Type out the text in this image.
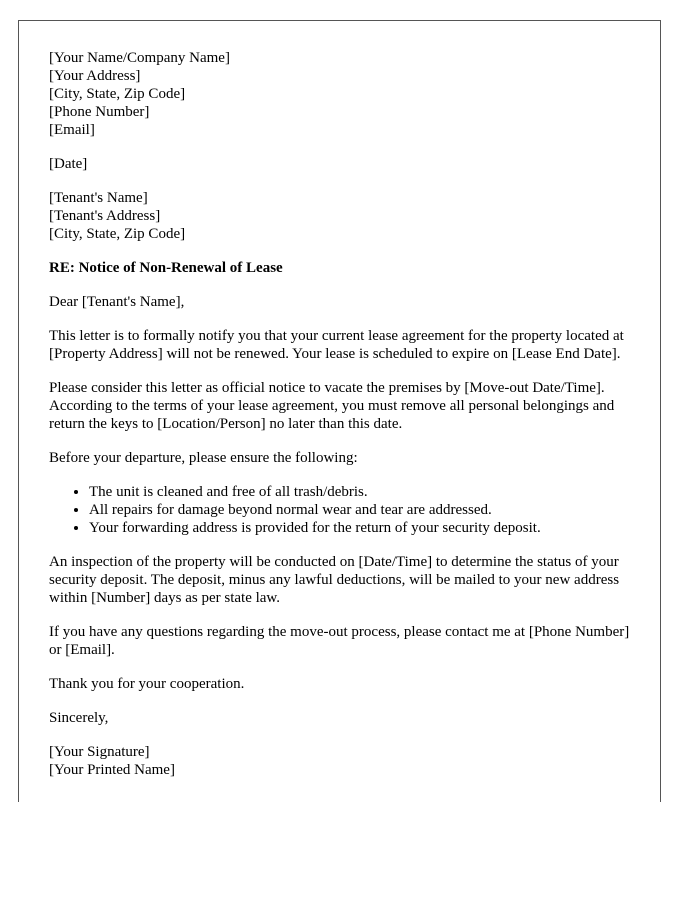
[Your Name/Company Name]
[Your Address]
[City, State, Zip Code]
[Phone Number]
[Email]
[Date]
[Tenant's Name]
[Tenant's Address]
[City, State, Zip Code]

RE: Notice of Non-Renewal of Lease

Dear [Tenant's Name],

This letter is to formally notify you that your current lease agreement for the property located at [Property Address] will not be renewed. Your lease is scheduled to expire on [Lease End Date].

Please consider this letter as official notice to vacate the premises by [Move-out Date/Time]. According to the terms of your lease agreement, you must remove all personal belongings and return the keys to [Location/Person] no later than this date.

Before your departure, please ensure the following:

• The unit is cleaned and free of all trash/debris.
• All repairs for damage beyond normal wear and tear are addressed.
• Your forwarding address is provided for the return of your security deposit.

An inspection of the property will be conducted on [Date/Time] to determine the status of your security deposit. The deposit, minus any lawful deductions, will be mailed to your new address within [Number] days as per state law.

If you have any questions regarding the move-out process, please contact me at [Phone Number] or [Email].

Thank you for your cooperation.

Sincerely,

[Your Signature]
[Your Printed Name]
